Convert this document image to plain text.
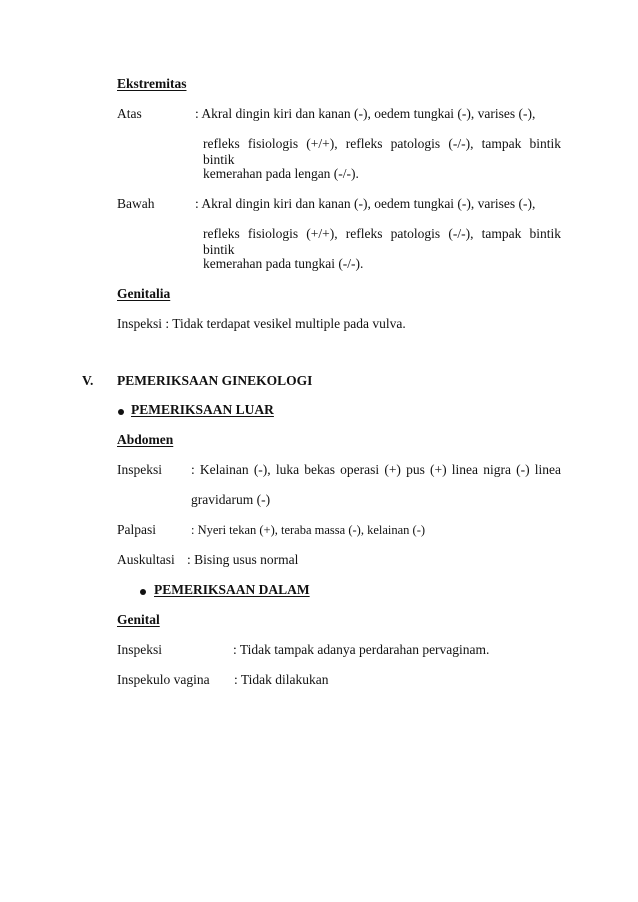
Ekstremitas
Atas	: Akral dingin kiri dan kanan (-), oedem tungkai (-), varises (-),
refleks fisiologis (+/+), refleks patologis (-/-), tampak bintik bintik
kemerahan pada lengan (-/-).
Bawah	: Akral dingin kiri dan kanan (-), oedem tungkai (-), varises (-),
refleks fisiologis (+/+), refleks patologis (-/-), tampak bintik bintik
kemerahan pada tungkai (-/-).
Genitalia
Inspeksi : Tidak terdapat vesikel multiple pada vulva.
V. PEMERIKSAAN GINEKOLOGI
PEMERIKSAAN LUAR
Abdomen
Inspeksi : Kelainan (-), luka bekas operasi (+) pus (+) linea nigra (-) linea
gravidarum (-)
Palpasi	: Nyeri tekan (+), teraba massa (-), kelainan (-)
Auskultasi : Bising usus normal
PEMERIKSAAN DALAM
Genital
Inspeksi	: Tidak tampak adanya perdarahan pervaginam.
Inspekulo vagina : Tidak dilakukan
